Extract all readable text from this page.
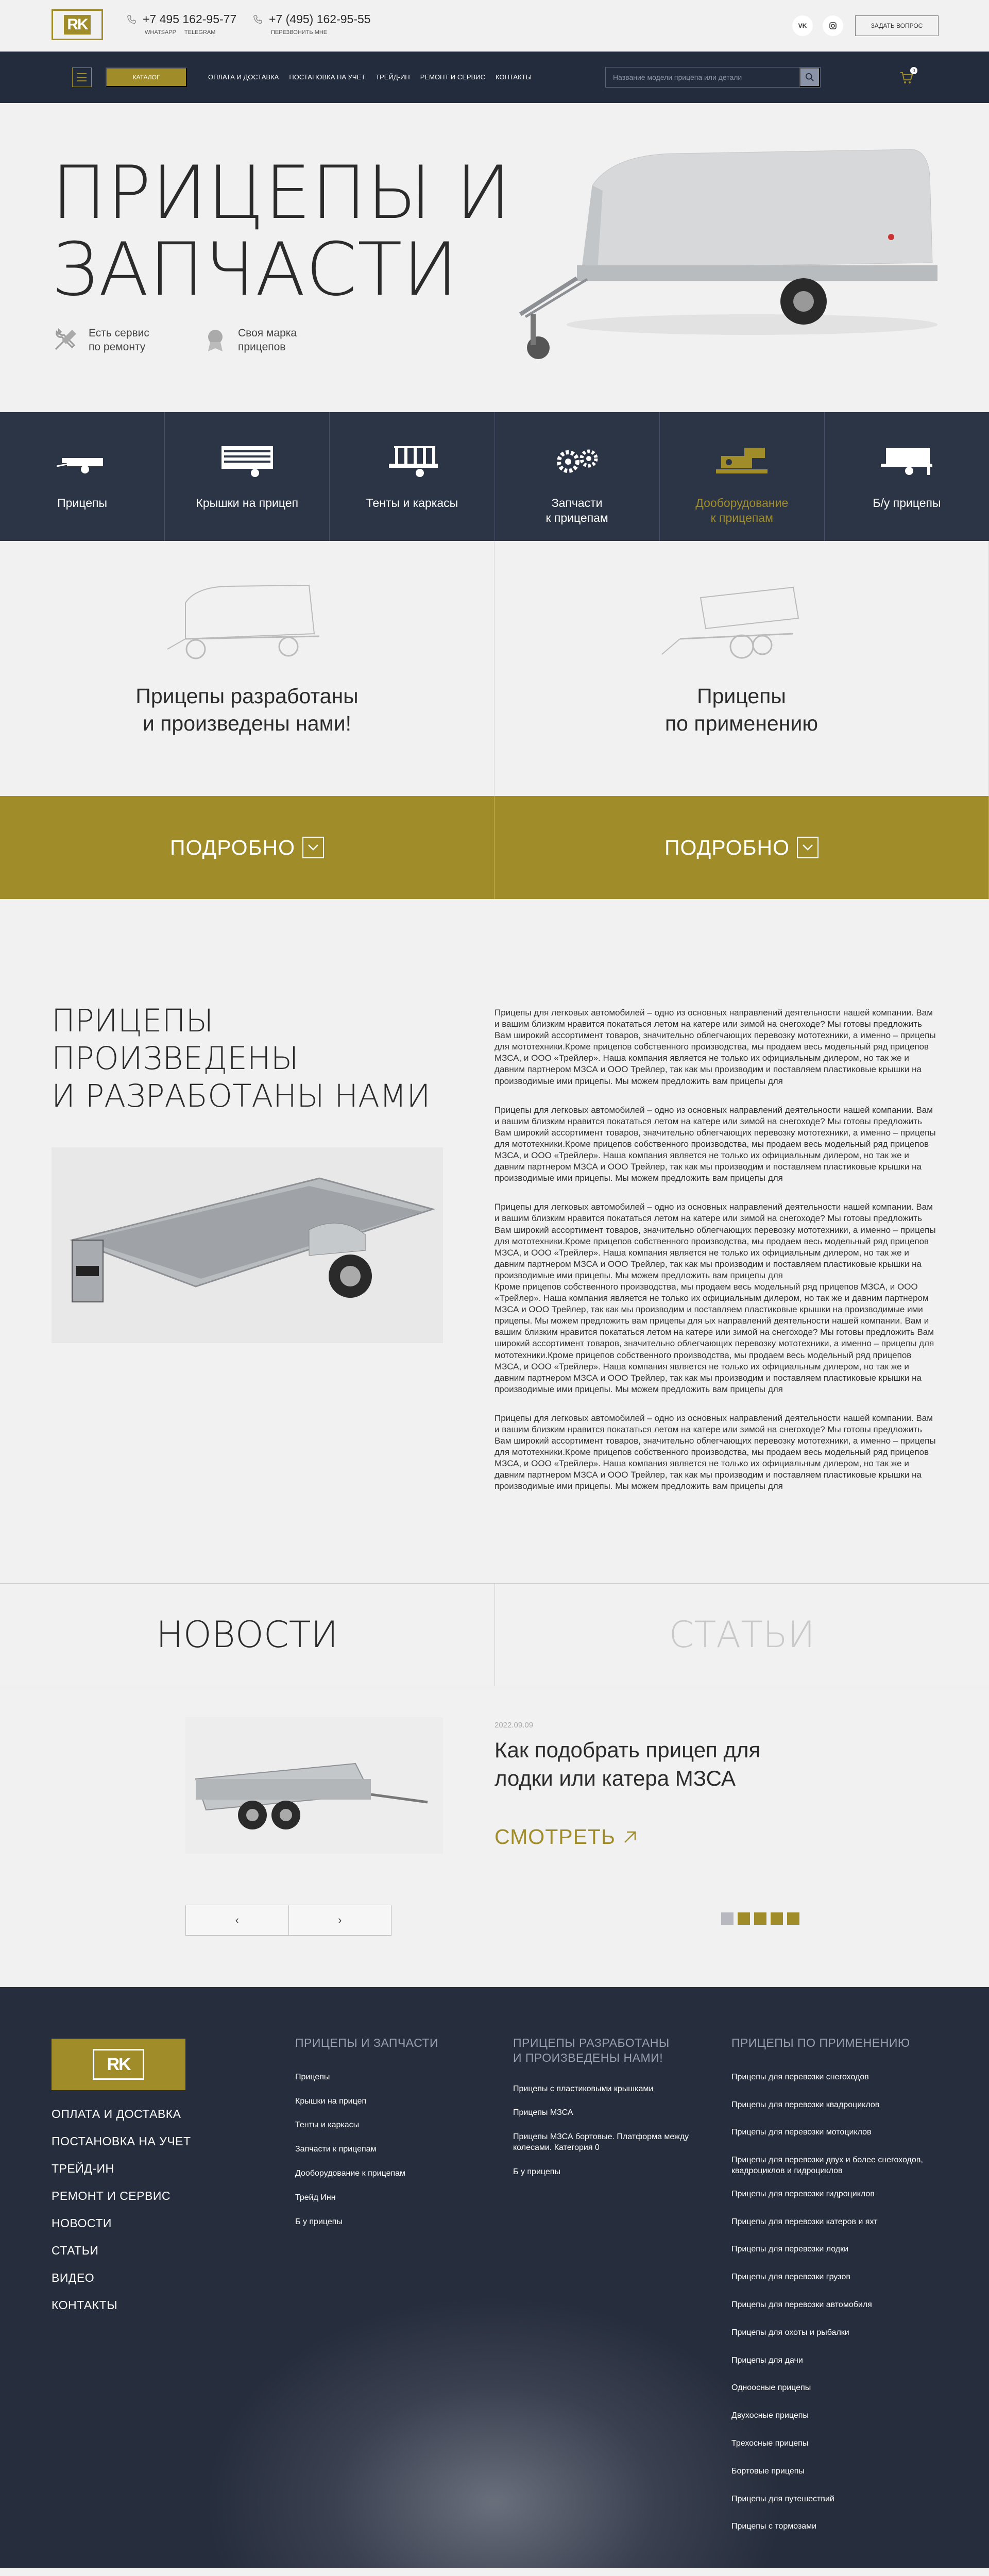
RK	+7 495 162-95-77
WHATSAPP TELEGRAM
+7 (495) 162-95-55
ПЕРЕЗВОНИТЬ МНЕ
VK	ЗАДАТЬ ВОПРОС
КАТАЛОГ	ОПЛАТА И ДОСТАВКА ПОСТАНОВКА НА УЧЕТ ТРЕЙД-ИН РЕМОНТ И СЕРВИС КОНТАКТЫ
Название модели прицепа или детали
0
ПРИЦЕПЫ И
ЗАПЧАСТИ
Есть сервис
по ремонту
Своя марка
прицепов
Прицепы	Крышки на прицеп	Тенты и каркасы	Запчасти
к прицепам
Дооборудование
к прицепам
Б/у прицепы
Прицепы разработаны
и произведены нами!
Прицепы
по применению
ПОДРОБНО	ПОДРОБНО
ПРИЦЕПЫ
ПРОИЗВЕДЕНЫ
И РАЗРАБОТАНЫ НАМИ

Прицепы для легковых автомобилей – одно из основных направлений деятельности нашей компании. Вам и вашим близким нравится покататься летом на катере или зимой на снегоходе? Мы готовы предложить Вам широкий ассортимент товаров, значительно облегчающих перевозку мототехники, а именно – прицепы для мототехники.Кроме прицепов собственного производства, мы продаем весь модельный ряд прицепов МЗСА, и ООО «Трейлер». Наша компания является не только их официальным дилером, но так же и давним партнером МЗСА и ООО Трейлер, так как мы производим и поставляем пластиковые крышки на производимые ими прицепы. Мы можем предложить вам прицепы для

Прицепы для легковых автомобилей – одно из основных направлений деятельности нашей компании. Вам и вашим близким нравится покататься летом на катере или зимой на снегоходе? Мы готовы предложить Вам широкий ассортимент товаров, значительно облегчающих перевозку мототехники, а именно – прицепы для мототехники.Кроме прицепов собственного производства, мы продаем весь модельный ряд прицепов МЗСА, и ООО «Трейлер». Наша компания является не только их официальным дилером, но так же и давним партнером МЗСА и ООО Трейлер, так как мы производим и поставляем пластиковые крышки на производимые ими прицепы. Мы можем предложить вам прицепы для

Прицепы для легковых автомобилей – одно из основных направлений деятельности нашей компании. Вам и вашим близким нравится покататься летом на катере или зимой на снегоходе? Мы готовы предложить Вам широкий ассортимент товаров, значительно облегчающих перевозку мототехники, а именно – прицепы для мототехники.Кроме прицепов собственного производства, мы продаем весь модельный ряд прицепов МЗСА, и ООО «Трейлер». Наша компания является не только их официальным дилером, но так же и давним партнером МЗСА и ООО Трейлер, так как мы производим и поставляем пластиковые крышки на производимые ими прицепы. Мы можем предложить вам прицепы для
Кроме прицепов собственного производства, мы продаем весь модельный ряд прицепов МЗСА, и ООО «Трейлер». Наша компания является не только их официальным дилером, но так же и давним партнером МЗСА и ООО Трейлер, так как мы производим и поставляем пластиковые крышки на производимые ими прицепы. Мы можем предложить вам прицепы для ых направлений деятельности нашей компании. Вам и вашим близким нравится покататься летом на катере или зимой на снегоходе? Мы готовы предложить Вам широкий ассортимент товаров, значительно облегчающих перевозку мототехники, а именно – прицепы для мототехники.Кроме прицепов собственного производства, мы продаем весь модельный ряд прицепов МЗСА, и ООО «Трейлер». Наша компания является не только их официальным дилером, но так же и давним партнером МЗСА и ООО Трейлер, так как мы производим и поставляем пластиковые крышки на производимые ими прицепы. Мы можем предложить вам прицепы для

Прицепы для легковых автомобилей – одно из основных направлений деятельности нашей компании. Вам и вашим близким нравится покататься летом на катере или зимой на снегоходе? Мы готовы предложить Вам широкий ассортимент товаров, значительно облегчающих перевозку мототехники, а именно – прицепы для мототехники.Кроме прицепов собственного производства, мы продаем весь модельный ряд прицепов МЗСА, и ООО «Трейлер». Наша компания является не только их официальным дилером, но так же и давним партнером МЗСА и ООО Трейлер, так как мы производим и поставляем пластиковые крышки на производимые ими прицепы. Мы можем предложить вам прицепы для

НОВОСТИ	СТАТЬИ
2022.09.09
Как подобрать прицеп для
лодки или катера МЗСА
СМОТРЕТЬ
‹	›
RK
ОПЛАТА И ДОСТАВКА
ПОСТАНОВКА НА УЧЕТ
ТРЕЙД-ИН
РЕМОНТ И СЕРВИС
НОВОСТИ
СТАТЬИ
ВИДЕО
КОНТАКТЫ
ПРИЦЕПЫ И ЗАПЧАСТИ
Прицепы
Крышки на прицеп
Тенты и каркасы
Запчасти к прицепам
Дооборудование к прицепам
Трейд Инн
Б у прицепы
ПРИЦЕПЫ РАЗРАБОТАНЫ
И ПРОИЗВЕДЕНЫ НАМИ!
Прицепы с пластиковыми крышками
Прицепы МЗСА
Прицепы МЗСА бортовые. Платформа между колесами. Категория 0
Б у прицепы
ПРИЦЕПЫ ПО ПРИМЕНЕНИЮ
Прицепы для перевозки снегоходов
Прицепы для перевозки квадроциклов
Прицепы для перевозки мотоциклов
Прицепы для перевозки двух и более снегоходов, квадроциклов и гидроциклов
Прицепы для перевозки гидроциклов
Прицепы для перевозки катеров и яхт
Прицепы для перевозки лодки
Прицепы для перевозки грузов
Прицепы для перевозки автомобиля
Прицепы для охоты и рыбалки
Прицепы для дачи
Одноосные прицепы
Двухосные прицепы
Трехосные прицепы
Бортовые прицепы
Прицепы для путешествий
Прицепы с тормозами
